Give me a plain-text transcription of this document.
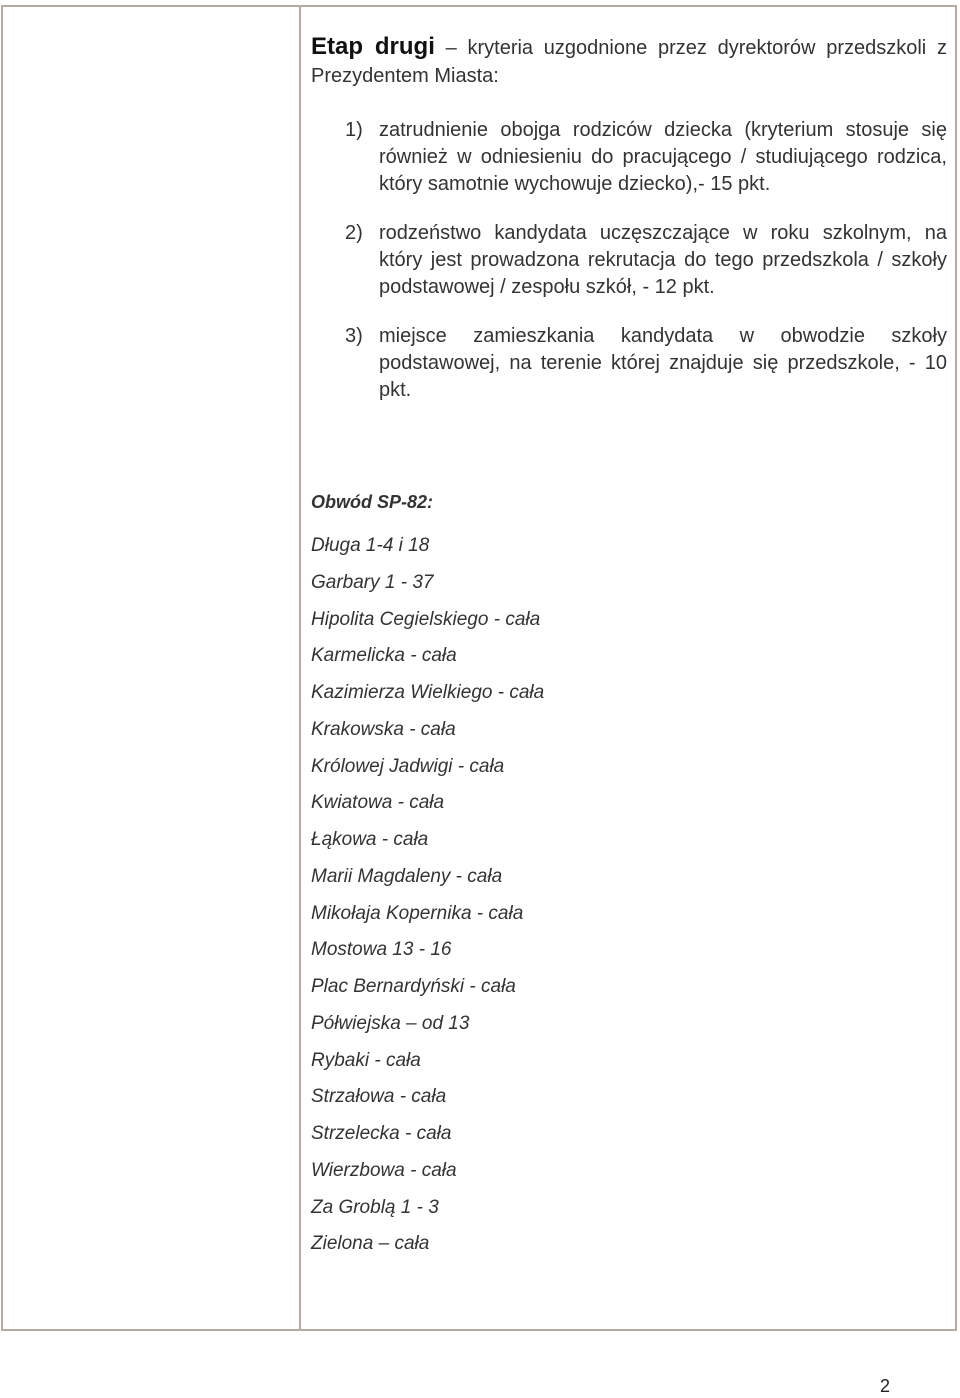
Etap drugi – kryteria uzgodnione przez dyrektorów przedszkoli z Prezydentem Miasta:

1) zatrudnienie obojga rodziców dziecka (kryterium stosuje się również w odniesieniu do pracującego / studiującego rodzica, który samotnie wychowuje dziecko),- 15 pkt.
2) rodzeństwo kandydata uczęszczające w roku szkolnym, na który jest prowadzona rekrutacja do tego przedszkola / szkoły podstawowej / zespołu szkół, - 12 pkt.
3) miejsce zamieszkania kandydata w obwodzie szkoły podstawowej, na terenie której znajduje się przedszkole, - 10 pkt.
Obwód SP-82:
Długa 1-4 i 18
Garbary 1 - 37
Hipolita Cegielskiego - cała
Karmelicka - cała
Kazimierza Wielkiego - cała
Krakowska - cała
Królowej Jadwigi - cała
Kwiatowa - cała
Łąkowa - cała
Marii Magdaleny - cała
Mikołaja Kopernika - cała
Mostowa 13 - 16
Plac Bernardyński - cała
Półwiejska – od 13
Rybaki - cała
Strzałowa - cała
Strzelecka - cała
Wierzbowa - cała
Za Groblą 1 - 3
Zielona – cała
2
